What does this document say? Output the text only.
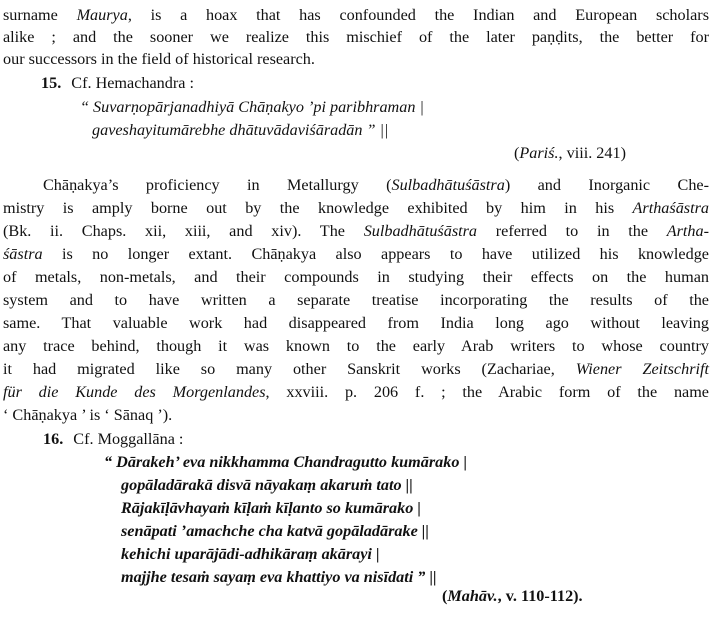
surname Maurya, is a hoax that has confounded the Indian and European scholars
alike ; and the sooner we realize this mischief of the later paṇḍits, the better for
our successors in the field of historical research.
15. Cf. Hemachandra :
“ Suvarṇopārjanadhiyā Chāṇakyo ’pi paribhraman |
gaveshayitumārebhe dhātuvādaviśāradān ” ||
(Pariś., viii. 241)
Chāṇakya’s proficiency in Metallurgy (Sulbadhātuśāstra) and Inorganic Che-
mistry is amply borne out by the knowledge exhibited by him in his Arthaśāstra
(Bk. ii. Chaps. xii, xiii, and xiv). The Sulbadhātuśāstra referred to in the Artha-
śāstra is no longer extant. Chāṇakya also appears to have utilized his knowledge
of metals, non-metals, and their compounds in studying their effects on the human
system and to have written a separate treatise incorporating the results of the
same. That valuable work had disappeared from India long ago without leaving
any trace behind, though it was known to the early Arab writers to whose country
it had migrated like so many other Sanskrit works (Zachariae, Wiener Zeitschrift
für die Kunde des Morgenlandes, xxviii. p. 206 f. ; the Arabic form of the name
‘ Chāṇakya ’ is ‘ Sānaq ’).
16. Cf. Moggallāna :
“ Dārakeh’ eva nikkhamma Chandragutto kumārako |
gopāladārakā disvā nāyakaṃ akaruṁ tato ||
Rājakīḷāvhayaṁ kīḷaṁ kīḷanto so kumārako |
senāpati ’amachche cha katvā gopāladārake ||
kehichi uparājādi-adhikāraṃ akārayi |
majjhe tesaṁ sayaṃ eva khattiyo va nisīdati ” ||
(Mahāv., v. 110-112).
